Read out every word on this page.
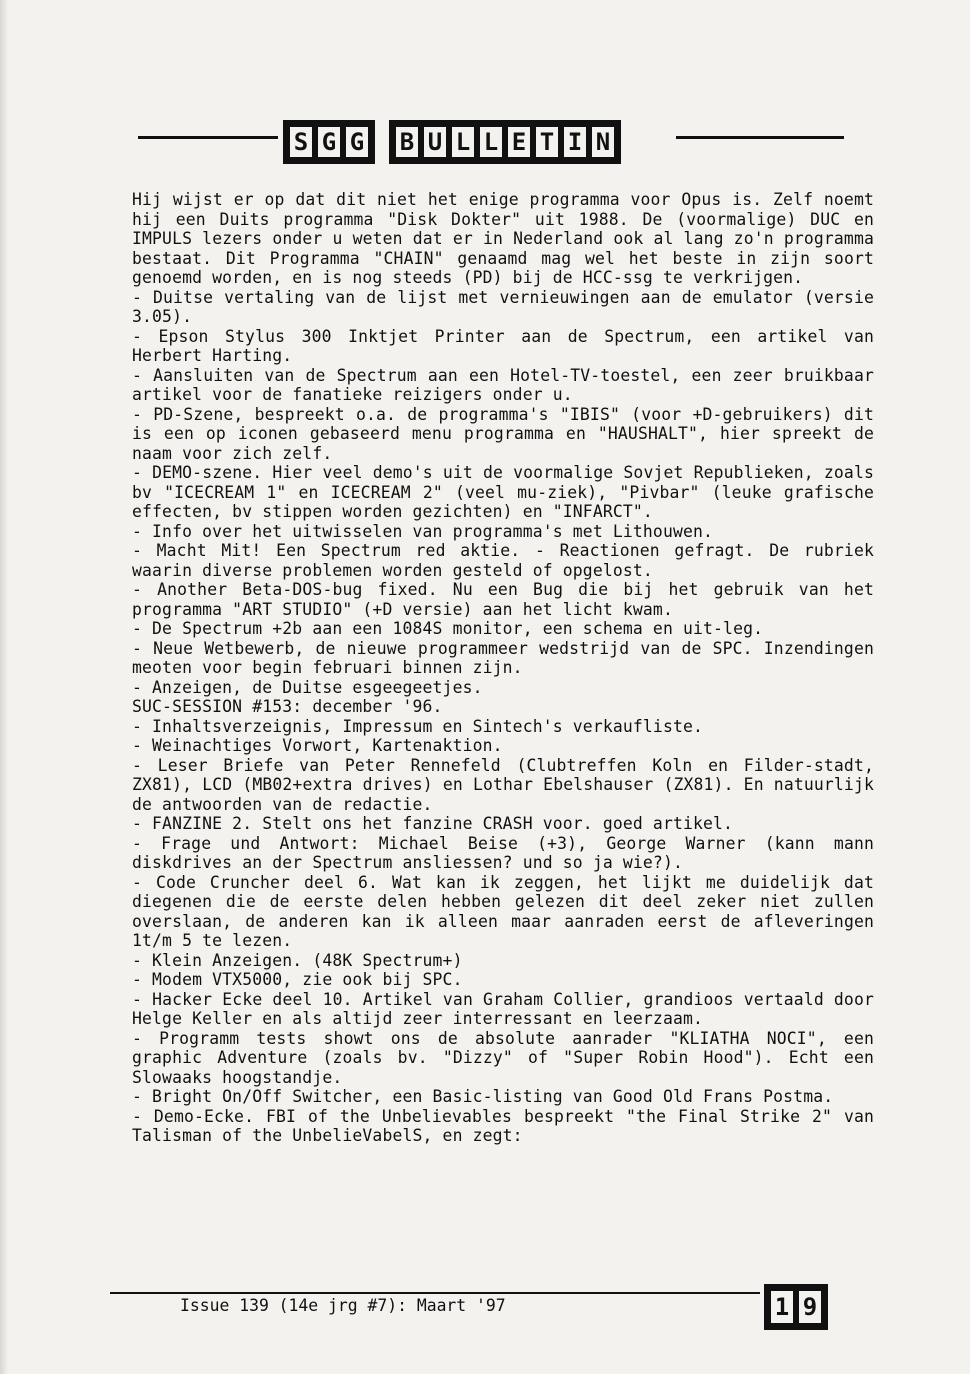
S G G B U L L E T I N

Hij wijst er op dat dit niet het enige programma voor Opus is. Zelf noemt hij een Duits programma "Disk Dokter" uit 1988. De (voormalige) DUC en IMPULS lezers onder u weten dat er in Nederland ook al lang zo'n programma bestaat. Dit Programma "CHAIN" genaamd mag wel het beste in zijn soort genoemd worden, en is nog steeds (PD) bij de HCC-ssg te verkrijgen.

- Duitse vertaling van de lijst met vernieuwingen aan de emulator (versie 3.05).

- Epson Stylus 300 Inktjet Printer aan de Spectrum, een artikel van Herbert Harting.

- Aansluiten van de Spectrum aan een Hotel-TV-toestel, een zeer bruikbaar artikel voor de fanatieke reizigers onder u.

- PD-Szene, bespreekt o.a. de programma's "IBIS" (voor +D-gebruikers) dit is een op iconen gebaseerd menu programma en "HAUSHALT", hier spreekt de naam voor zich zelf.

- DEMO-szene. Hier veel demo's uit de voormalige Sovjet Republieken, zoals bv "ICECREAM 1" en ICECREAM 2" (veel mu-ziek), "Pivbar" (leuke grafische effecten, bv stippen worden gezichten) en "INFARCT".

- Info over het uitwisselen van programma's met Lithouwen.

- Macht Mit! Een Spectrum red aktie. - Reactionen gefragt. De rubriek waarin diverse problemen worden gesteld of opgelost.

- Another Beta-DOS-bug fixed. Nu een Bug die bij het gebruik van het programma "ART STUDIO" (+D versie) aan het licht kwam.

- De Spectrum +2b aan een 1084S monitor, een schema en uit-leg.

- Neue Wetbewerb, de nieuwe programmeer wedstrijd van de SPC. Inzendingen meoten voor begin februari binnen zijn.

- Anzeigen, de Duitse esgeegeetjes.

SUC-SESSION #153: december '96.

- Inhaltsverzeignis, Impressum en Sintech's verkaufliste.

- Weinachtiges Vorwort, Kartenaktion.

- Leser Briefe van Peter Rennefeld (Clubtreffen Koln en Filder-stadt, ZX81), LCD (MB02+extra drives) en Lothar Ebelshauser (ZX81). En natuurlijk de antwoorden van de redactie.

- FANZINE 2. Stelt ons het fanzine CRASH voor. goed artikel.

- Frage und Antwort: Michael Beise (+3), George Warner (kann mann diskdrives an der Spectrum ansliessen? und so ja wie?).

- Code Cruncher deel 6. Wat kan ik zeggen, het lijkt me duidelijk dat diegenen die de eerste delen hebben gelezen dit deel zeker niet zullen overslaan, de anderen kan ik alleen maar aanraden eerst de afleveringen 1t/m 5 te lezen.

- Klein Anzeigen. (48K Spectrum+)

- Modem VTX5000, zie ook bij SPC.

- Hacker Ecke deel 10. Artikel van Graham Collier, grandioos vertaald door Helge Keller en als altijd zeer interressant en leerzaam.

- Programm tests showt ons de absolute aanrader "KLIATHA NOCI", een graphic Adventure (zoals bv. "Dizzy" of "Super Robin Hood"). Echt een Slowaaks hoogstandje.

- Bright On/Off Switcher, een Basic-listing van Good Old Frans Postma.

- Demo-Ecke. FBI of the Unbelievables bespreekt "the Final Strike 2" van Talisman of the UnbelieVabelS, en zegt:

Issue 139 (14e jrg #7): Maart '97	1 9
